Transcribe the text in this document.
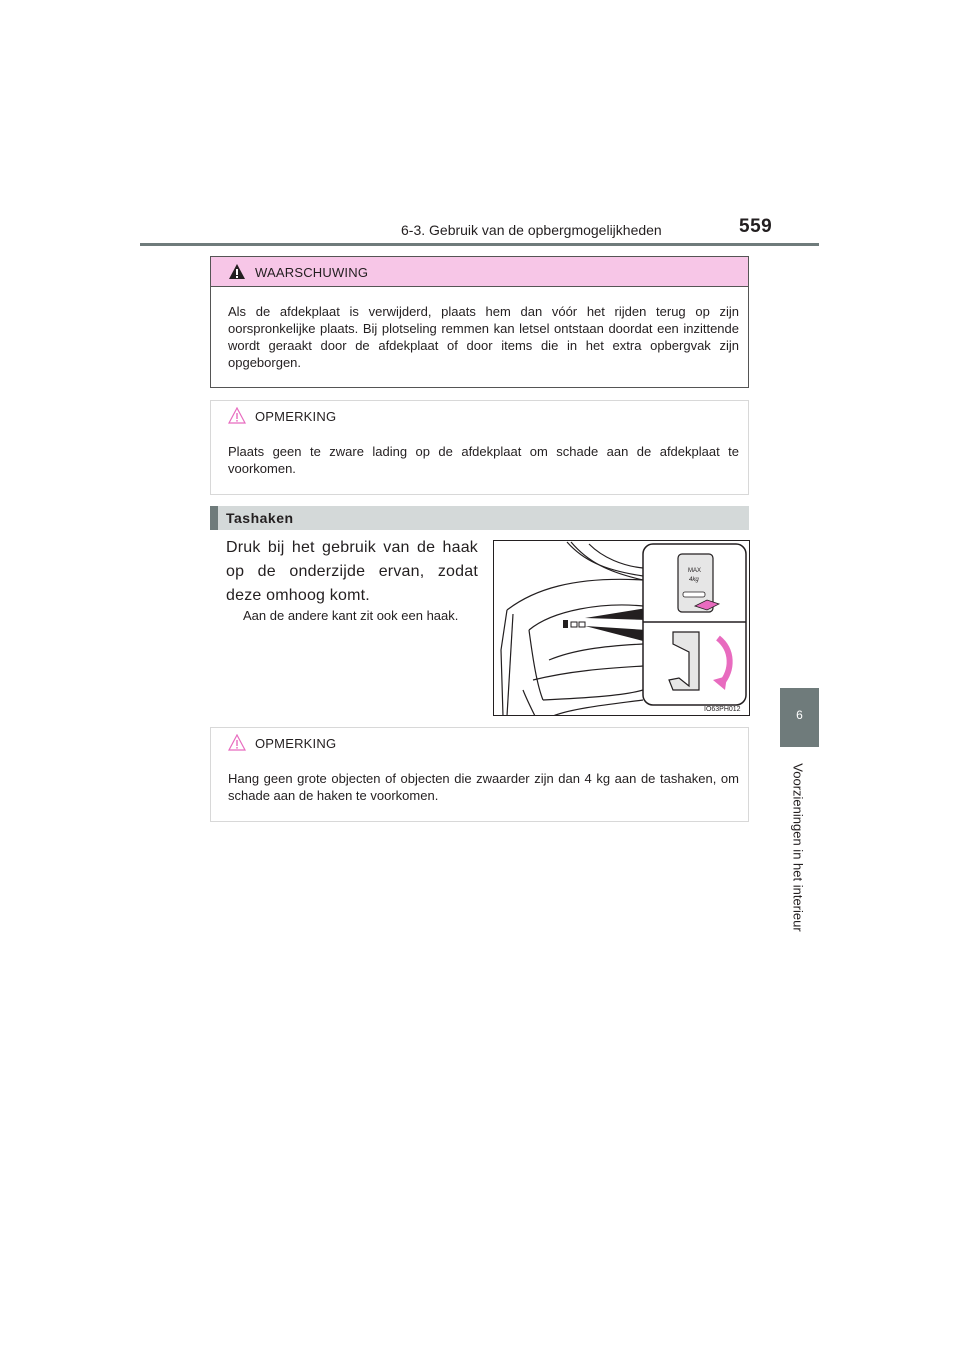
6-3. Gebruik van de opbergmogelijkheden	559
6
Voorzieningen in het interieur
WAARSCHUWING
Als de afdekplaat is verwijderd, plaats hem dan vóór het rijden terug op zijn oorspronkelijke plaats. Bij plotseling remmen kan letsel ontstaan doordat een inzittende wordt geraakt door de afdekplaat of door items die in het extra opbergvak zijn opgeborgen.
OPMERKING
Plaats geen te zware lading op de afdekplaat om schade aan de afdekplaat te voorkomen.
Tashaken
Druk bij het gebruik van de haak op de onderzijde ervan, zodat deze omhoog komt.
Aan de andere kant zit ook een haak.
MAX
4kg
IO63PH012
OPMERKING
Hang geen grote objecten of objecten die zwaarder zijn dan 4 kg aan de tashaken, om schade aan de haken te voorkomen.
